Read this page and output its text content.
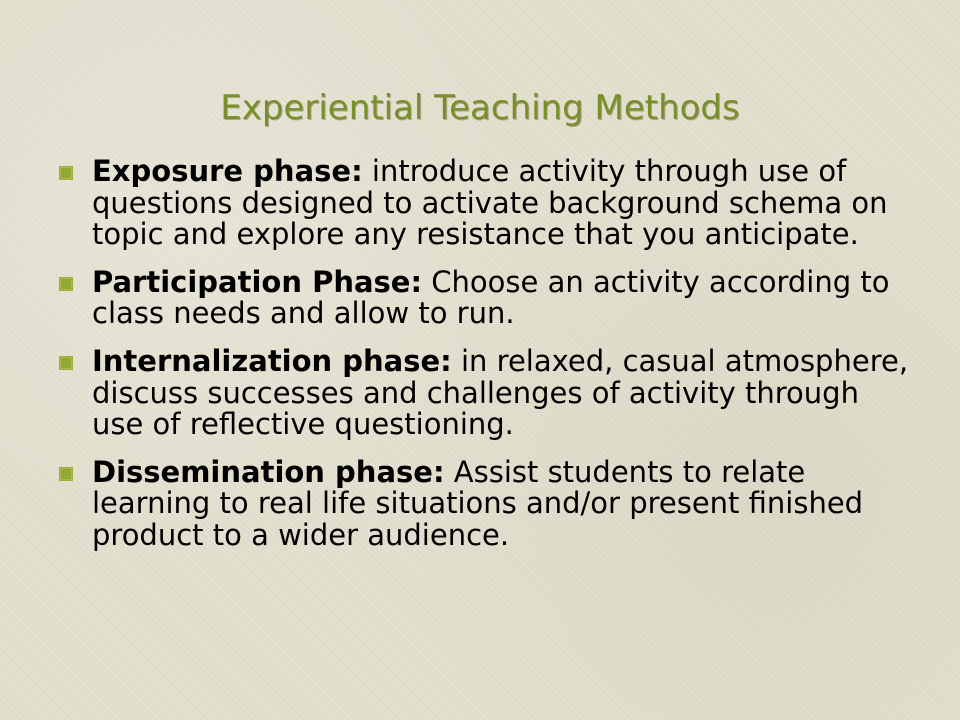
Experiential Teaching Methods
Exposure phase: introduce activity through use of questions designed to activate background schema on topic and explore any resistance that you anticipate.
Participation Phase: Choose an activity according to class needs and allow to run.
Internalization phase: in relaxed, casual atmosphere, discuss successes and challenges of activity through use of reflective questioning.
Dissemination phase: Assist students to relate learning to real life situations and/or present finished product to a wider audience.
